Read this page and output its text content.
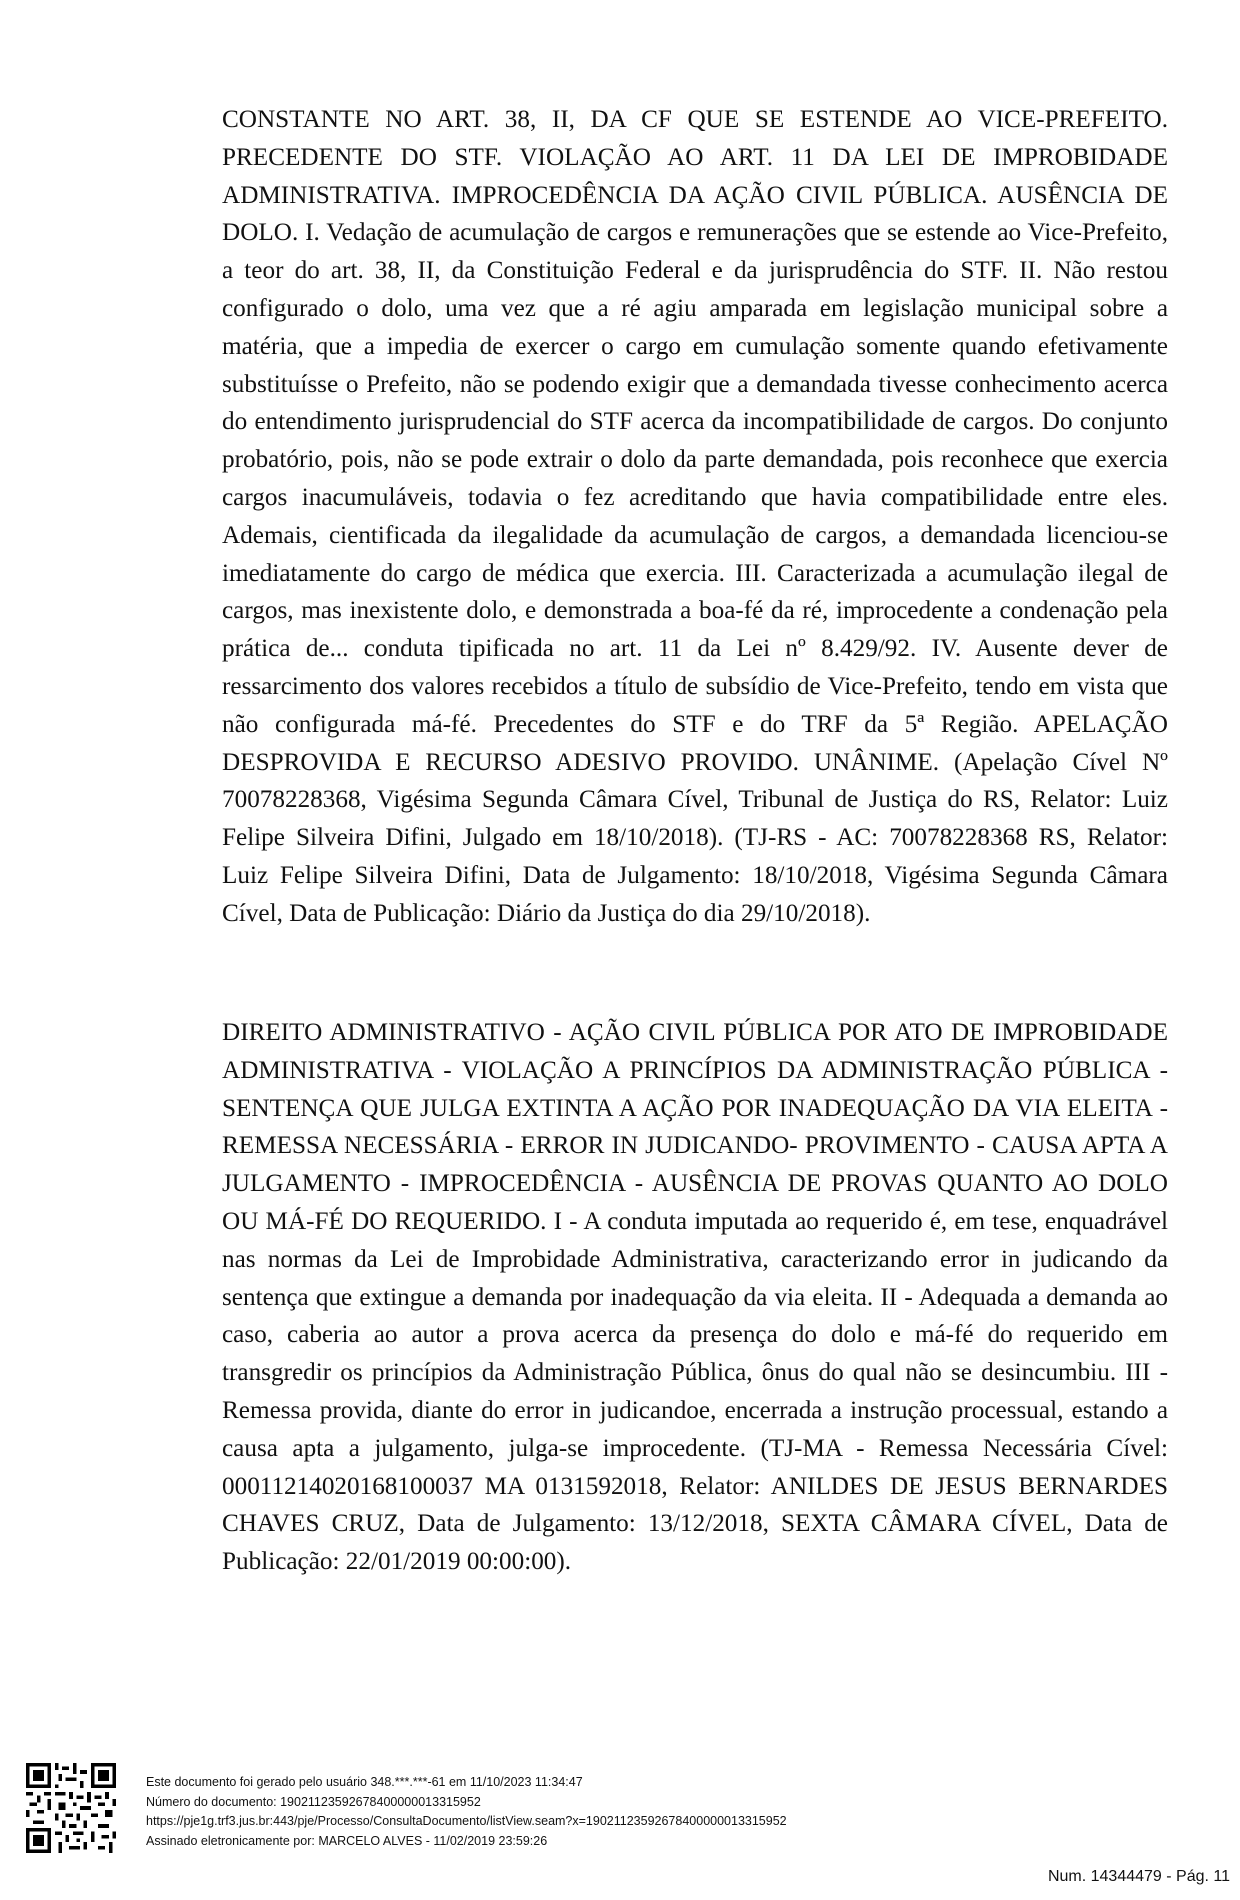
CONSTANTE NO ART. 38, II, DA CF QUE SE ESTENDE AO VICE-PREFEITO. PRECEDENTE DO STF. VIOLAÇÃO AO ART. 11 DA LEI DE IMPROBIDADE ADMINISTRATIVA. IMPROCEDÊNCIA DA AÇÃO CIVIL PÚBLICA. AUSÊNCIA DE DOLO. I. Vedação de acumulação de cargos e remunerações que se estende ao Vice-Prefeito, a teor do art. 38, II, da Constituição Federal e da jurisprudência do STF. II. Não restou configurado o dolo, uma vez que a ré agiu amparada em legislação municipal sobre a matéria, que a impedia de exercer o cargo em cumulação somente quando efetivamente substituísse o Prefeito, não se podendo exigir que a demandada tivesse conhecimento acerca do entendimento jurisprudencial do STF acerca da incompatibilidade de cargos. Do conjunto probatório, pois, não se pode extrair o dolo da parte demandada, pois reconhece que exercia cargos inacumuláveis, todavia o fez acreditando que havia compatibilidade entre eles. Ademais, cientificada da ilegalidade da acumulação de cargos, a demandada licenciou-se imediatamente do cargo de médica que exercia. III. Caracterizada a acumulação ilegal de cargos, mas inexistente dolo, e demonstrada a boa-fé da ré, improcedente a condenação pela prática de... conduta tipificada no art. 11 da Lei nº 8.429/92. IV. Ausente dever de ressarcimento dos valores recebidos a título de subsídio de Vice-Prefeito, tendo em vista que não configurada má-fé. Precedentes do STF e do TRF da 5ª Região. APELAÇÃO DESPROVIDA E RECURSO ADESIVO PROVIDO. UNÂNIME. (Apelação Cível Nº 70078228368, Vigésima Segunda Câmara Cível, Tribunal de Justiça do RS, Relator: Luiz Felipe Silveira Difini, Julgado em 18/10/2018). (TJ-RS - AC: 70078228368 RS, Relator: Luiz Felipe Silveira Difini, Data de Julgamento: 18/10/2018, Vigésima Segunda Câmara Cível, Data de Publicação: Diário da Justiça do dia 29/10/2018).

DIREITO ADMINISTRATIVO - AÇÃO CIVIL PÚBLICA POR ATO DE IMPROBIDADE ADMINISTRATIVA - VIOLAÇÃO A PRINCÍPIOS DA ADMINISTRAÇÃO PÚBLICA - SENTENÇA QUE JULGA EXTINTA A AÇÃO POR INADEQUAÇÃO DA VIA ELEITA - REMESSA NECESSÁRIA - ERROR IN JUDICANDO- PROVIMENTO - CAUSA APTA A JULGAMENTO - IMPROCEDÊNCIA - AUSÊNCIA DE PROVAS QUANTO AO DOLO OU MÁ-FÉ DO REQUERIDO. I - A conduta imputada ao requerido é, em tese, enquadrável nas normas da Lei de Improbidade Administrativa, caracterizando error in judicando da sentença que extingue a demanda por inadequação da via eleita. II - Adequada a demanda ao caso, caberia ao autor a prova acerca da presença do dolo e má-fé do requerido em transgredir os princípios da Administração Pública, ônus do qual não se desincumbiu. III - Remessa provida, diante do error in judicandoe, encerrada a instrução processual, estando a causa apta a julgamento, julga-se improcedente. (TJ-MA - Remessa Necessária Cível: 00011214020168100037 MA 0131592018, Relator: ANILDES DE JESUS BERNARDES CHAVES CRUZ, Data de Julgamento: 13/12/2018, SEXTA CÂMARA CÍVEL, Data de Publicação: 22/01/2019 00:00:00).

Este documento foi gerado pelo usuário 348.***.***-61 em 11/10/2023 11:34:47
Número do documento: 19021123592678400000013315952
https://pje1g.trf3.jus.br:443/pje/Processo/ConsultaDocumento/listView.seam?x=19021123592678400000013315952
Assinado eletronicamente por: MARCELO ALVES - 11/02/2019 23:59:26
Num. 14344479 - Pág. 11
